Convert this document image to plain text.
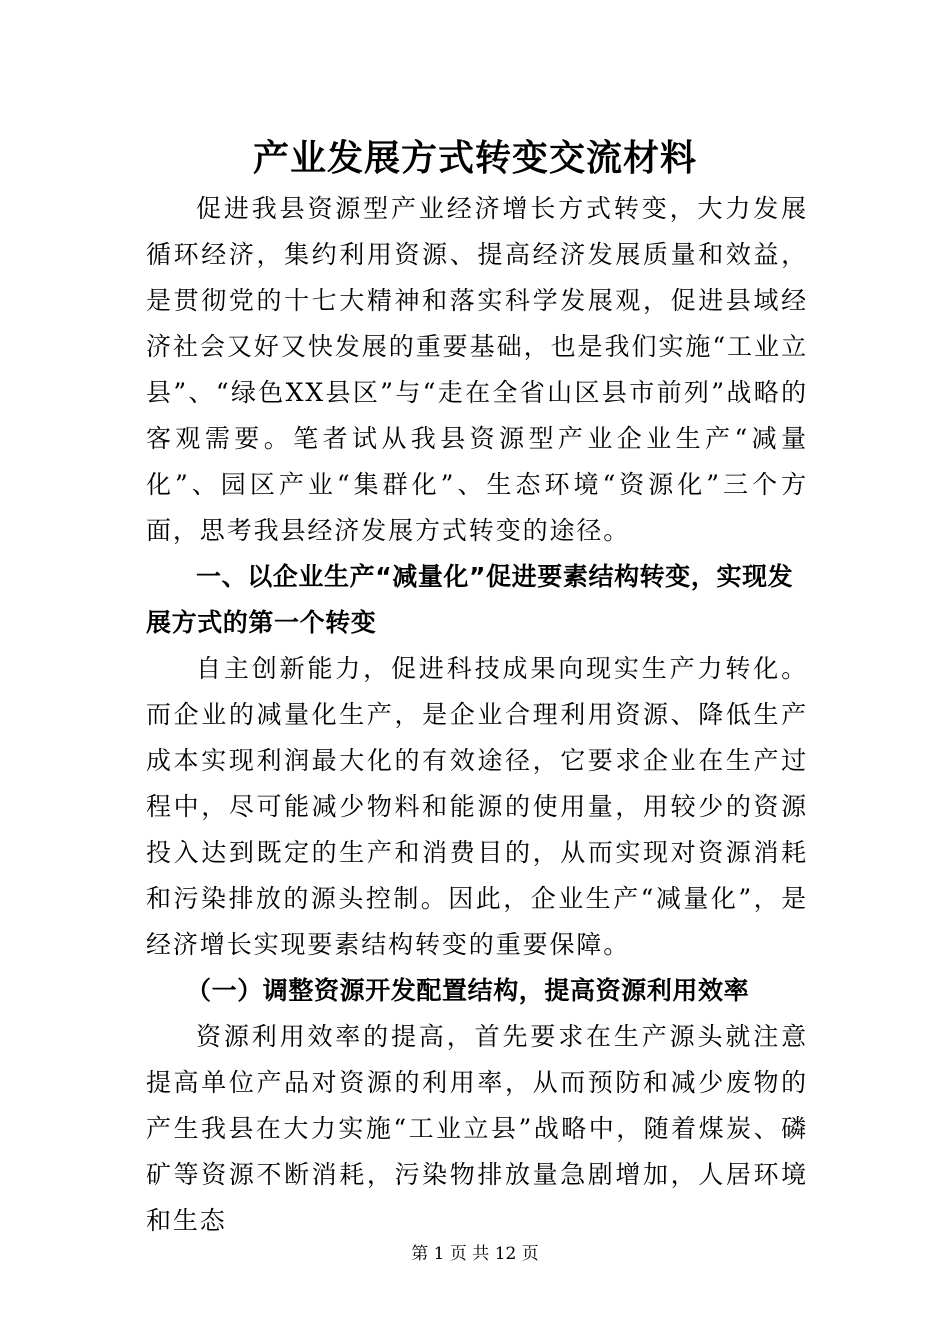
产业发展方式转变交流材料

促进我县资源型产业经济增长方式转变，大力发展循环经济，集约利用资源、提高经济发展质量和效益，是贯彻党的十七大精神和落实科学发展观，促进县域经济社会又好又快发展的重要基础，也是我们实施“工业立县”、“绿色XX县区”与“走在全省山区县市前列”战略的客观需要。笔者试从我县资源型产业企业生产“减量化”、园区产业“集群化”、生态环境“资源化”三个方面，思考我县经济发展方式转变的途径。

一、以企业生产“减量化”促进要素结构转变，实现发展方式的第一个转变

自主创新能力，促进科技成果向现实生产力转化。而企业的减量化生产，是企业合理利用资源、降低生产成本实现利润最大化的有效途径，它要求企业在生产过程中，尽可能减少物料和能源的使用量，用较少的资源投入达到既定的生产和消费目的，从而实现对资源消耗和污染排放的源头控制。因此，企业生产“减量化”，是经济增长实现要素结构转变的重要保障。

（一）调整资源开发配置结构，提高资源利用效率

资源利用效率的提高，首先要求在生产源头就注意提高单位产品对资源的利用率，从而预防和减少废物的产生我县在大力实施“工业立县”战略中，随着煤炭、磷矿等资源不断消耗，污染物排放量急剧增加，人居环境和生态

第 1 页 共 12 页
